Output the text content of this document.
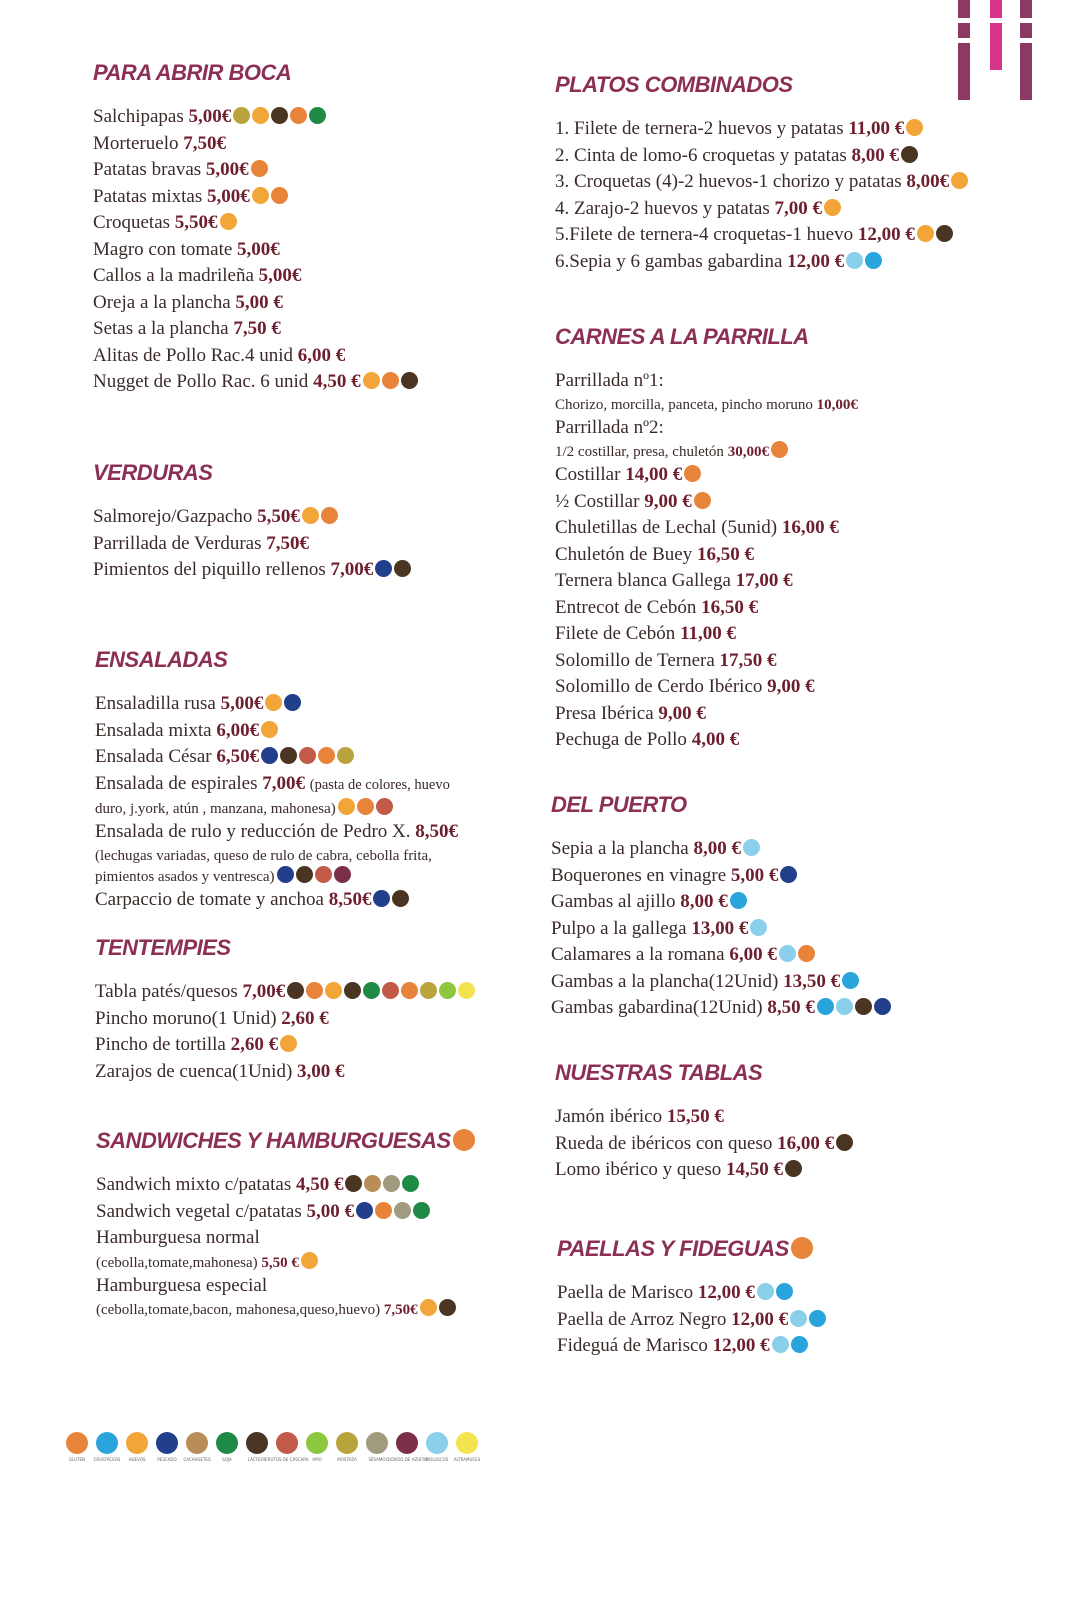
PARA ABRIR BOCA
Salchipapas 5,00€
Morteruelo 7,50€
Patatas bravas 5,00€
Patatas mixtas 5,00€
Croquetas 5,50€
Magro con tomate 5,00€
Callos a la madrileña 5,00€
Oreja a la plancha 5,00 €
Setas a la plancha 7,50 €
Alitas de Pollo Rac.4 unid 6,00 €
Nugget de Pollo Rac. 6 unid 4,50 €
VERDURAS
Salmorejo/Gazpacho 5,50€
Parrillada de Verduras 7,50€
Pimientos del piquillo rellenos 7,00€
ENSALADAS
Ensaladilla rusa 5,00€
Ensalada mixta 6,00€
Ensalada César 6,50€
Ensalada de espirales 7,00€ (pasta de colores, huevo
duro, j.york, atún , manzana, mahonesa)
Ensalada de rulo y reducción de Pedro X. 8,50€
(lechugas variadas, queso de rulo de cabra, cebolla frita,
pimientos asados y ventresca)
Carpaccio de tomate y anchoa 8,50€
TENTEMPIES
Tabla patés/quesos 7,00€
Pincho moruno(1 Unid) 2,60 €
Pincho de tortilla 2,60 €
Zarajos de cuenca(1Unid) 3,00 €
SANDWICHES Y HAMBURGUESAS
Sandwich mixto c/patatas 4,50 €
Sandwich vegetal c/patatas 5,00 €
Hamburguesa normal
(cebolla,tomate,mahonesa) 5,50 €
Hamburguesa especial
(cebolla,tomate,bacon, mahonesa,queso,huevo) 7,50€
PLATOS COMBINADOS
1. Filete de ternera-2 huevos y patatas 11,00 €
2. Cinta de lomo-6 croquetas y patatas 8,00 €
3. Croquetas (4)-2 huevos-1 chorizo y patatas 8,00€
4. Zarajo-2 huevos y patatas 7,00 €
5.Filete de ternera-4 croquetas-1 huevo 12,00 €
6.Sepia y 6 gambas gabardina 12,00 €
CARNES A LA PARRILLA
Parrillada nº1:
Chorizo, morcilla, panceta, pincho moruno 10,00€
Parrillada nº2:
1/2 costillar, presa, chuletón 30,00€
Costillar 14,00 €
½ Costillar 9,00 €
Chuletillas de Lechal (5unid) 16,00 €
Chuletón de Buey 16,50 €
Ternera blanca Gallega 17,00 €
Entrecot de Cebón 16,50 €
Filete de Cebón 11,00 €
Solomillo de Ternera 17,50 €
Solomillo de Cerdo Ibérico 9,00 €
Presa Ibérica 9,00 €
Pechuga de Pollo 4,00 €
DEL PUERTO
Sepia a la plancha 8,00 €
Boquerones en vinagre 5,00 €
Gambas al ajillo 8,00 €
Pulpo a la gallega 13,00 €
Calamares a la romana 6,00 €
Gambas a la plancha(12Unid) 13,50 €
Gambas gabardina(12Unid) 8,50 €
NUESTRAS TABLAS
Jamón ibérico 15,50 €
Rueda de ibéricos con queso 16,00 €
Lomo ibérico y queso 14,50 €
PAELLAS Y FIDEGUAS
Paella de Marisco 12,00 €
Paella de Arroz Negro 12,00 €
Fideguá de Marisco 12,00 €
GLUTEN CRUSTÁCEOS HUEVOS	PESCADO CACAHUETES	SOJA	LÁCTEOS FRUTOS DE CÁSCARA APIO	MOSTAZA	SÉSAMO DIÓXIDO DE AZUFRE
MOLUSCOS ALTRAMUCES
